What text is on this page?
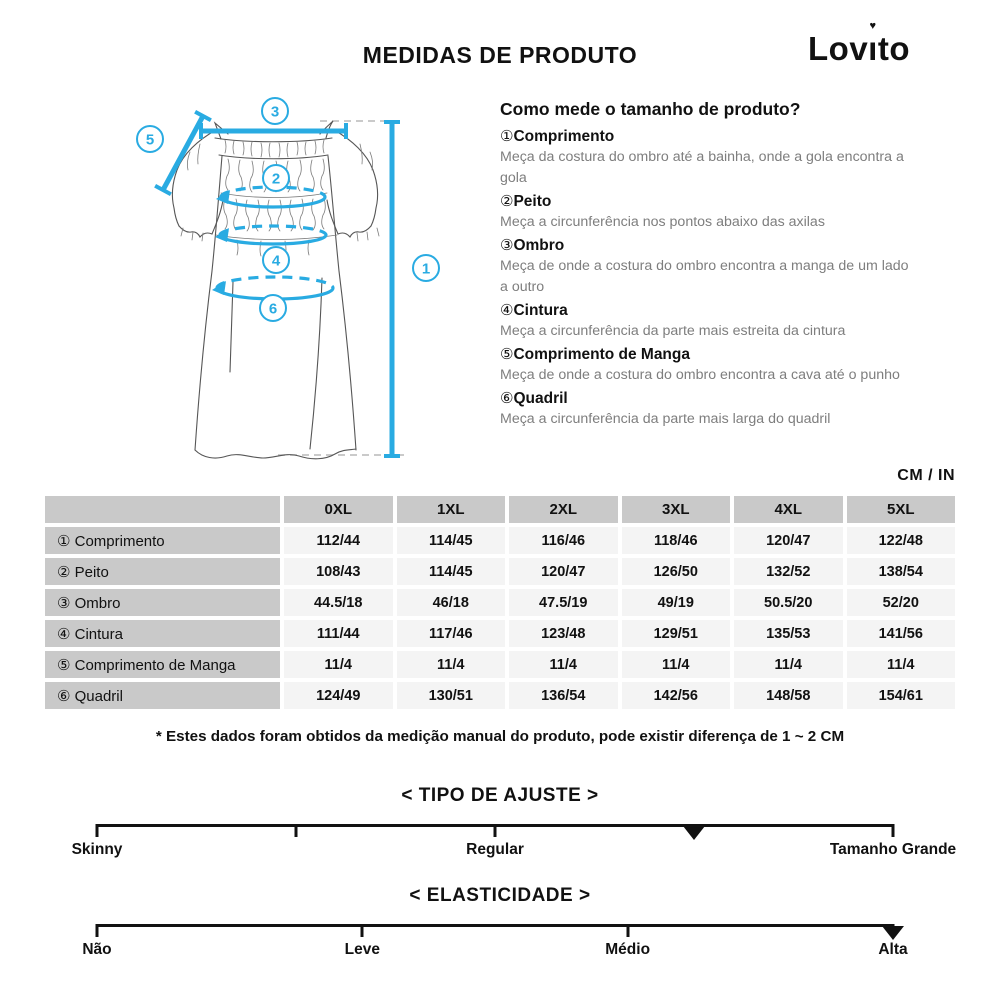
MEDIDAS DE PRODUTO	Lovı
♥
to
1
2
3
4
5
6
Como mede o tamanho de produto?
①Comprimento
Meça da costura do ombro até a bainha, onde a gola encontra a gola
②Peito
Meça a circunferência nos pontos abaixo das axilas
③Ombro
Meça de onde a costura do ombro encontra a manga de um lado a outro
④Cintura
Meça a circunferência da parte mais estreita da cintura
⑤Comprimento de Manga
Meça de onde a costura do ombro encontra a cava até o punho
⑥Quadril
Meça a circunferência da parte mais larga do quadril
CM / IN
	0XL	1XL	2XL	3XL	4XL	5XL
① Comprimento	112/44	114/45	116/46	118/46	120/47	122/48
② Peito	108/43	114/45	120/47	126/50	132/52	138/54
③ Ombro	44.5/18	46/18	47.5/19	49/19	50.5/20	52/20
④ Cintura	111/44	117/46	123/48	129/51	135/53	141/56
⑤ Comprimento de Manga	11/4	11/4	11/4	11/4	11/4	11/4
⑥ Quadril	124/49	130/51	136/54	142/56	148/58	154/61
* Estes dados foram obtidos da medição manual do produto, pode existir diferença de 1 ~ 2 CM
< TIPO DE AJUSTE >
Skinny	Regular	Tamanho Grande
< ELASTICIDADE >
Não	Leve	Médio	Alta
